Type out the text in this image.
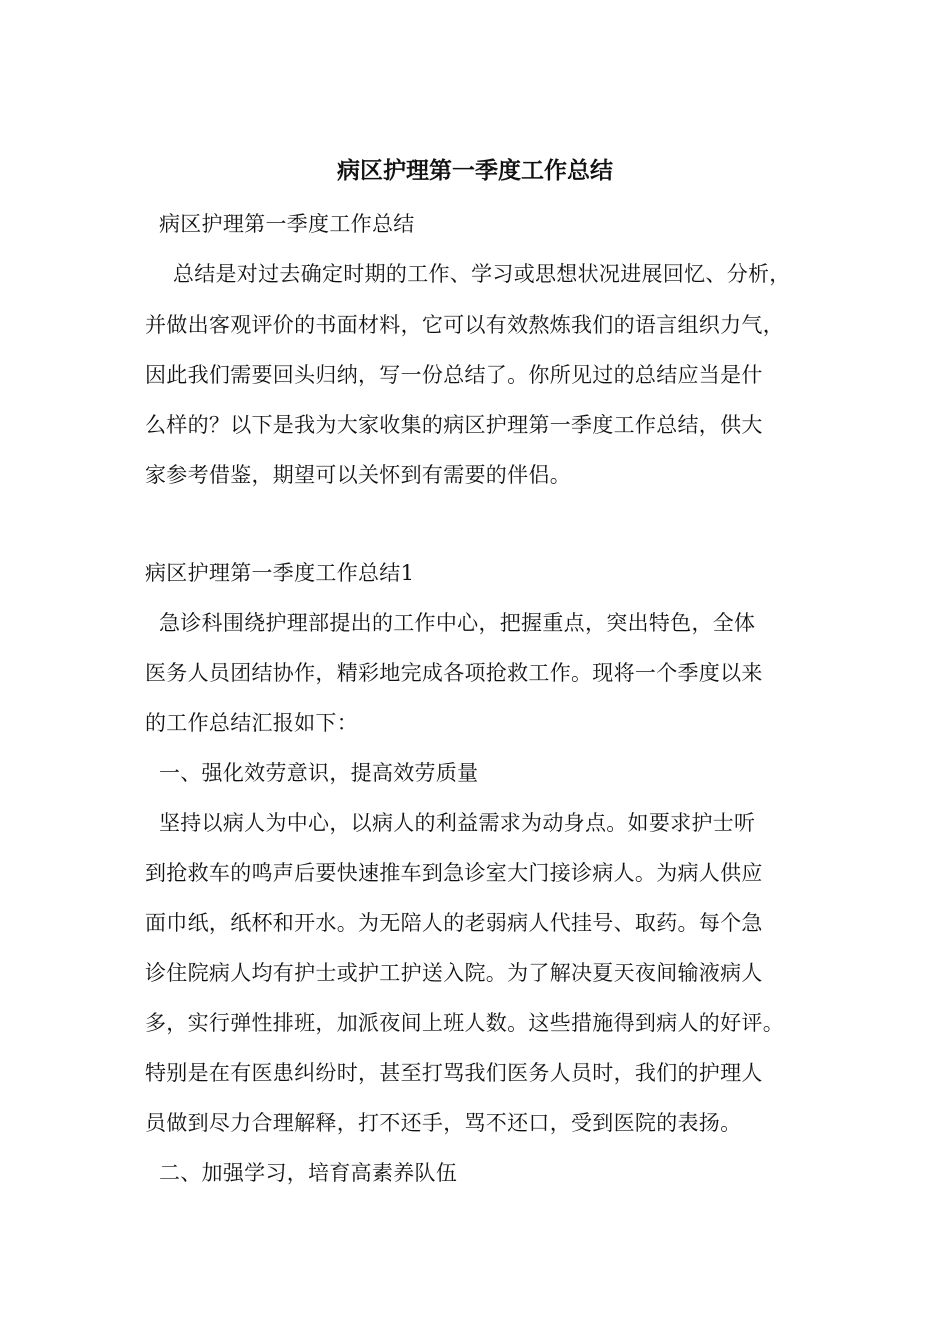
病区护理第一季度工作总结
病区护理第一季度工作总结
总结是对过去确定时期的工作、学习或思想状况进展回忆、分析，
并做出客观评价的书面材料，它可以有效熬炼我们的语言组织力气，
因此我们需要回头归纳，写一份总结了。你所见过的总结应当是什
么样的？以下是我为大家收集的病区护理第一季度工作总结，供大
家参考借鉴，期望可以关怀到有需要的伴侣。
病区护理第一季度工作总结1
急诊科围绕护理部提出的工作中心，把握重点，突出特色，全体
医务人员团结协作，精彩地完成各项抢救工作。现将一个季度以来
的工作总结汇报如下：
一、强化效劳意识，提高效劳质量
坚持以病人为中心，以病人的利益需求为动身点。如要求护士听
到抢救车的鸣声后要快速推车到急诊室大门接诊病人。为病人供应
面巾纸，纸杯和开水。为无陪人的老弱病人代挂号、取药。每个急
诊住院病人均有护士或护工护送入院。为了解决夏天夜间输液病人
多，实行弹性排班，加派夜间上班人数。这些措施得到病人的好评。
特别是在有医患纠纷时，甚至打骂我们医务人员时，我们的护理人
员做到尽力合理解释，打不还手，骂不还口，受到医院的表扬。
二、加强学习，培育高素养队伍
